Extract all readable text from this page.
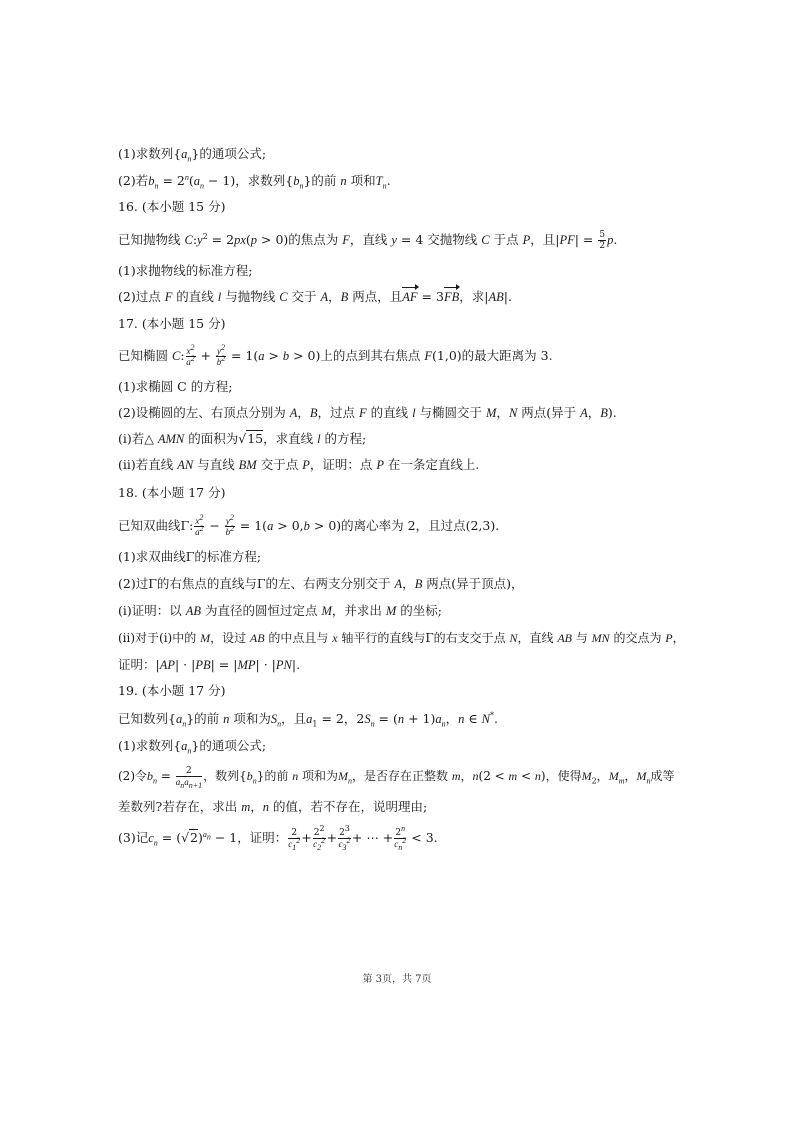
(1)求数列$\{a_n\}$的通项公式;
(2)若$b_n = 2^n(a_n - 1)$，求数列$\{b_n\}$的前 n 项和$T_n$.
16. (本小题 15 分)
已知抛物线 $C:y^2 = 2px(p > 0)$的焦点为 F，直线 y = 4 交抛物线 C 于点 P，且$|PF| = \frac{5}{2} p$.
(1)求抛物线的标准方程;
(2)过点 F 的直线 l 与抛物线 C 交于 A，B 两点，且AF = 3FB，求|AB|.
17. (本小题 15 分)
已知椭圆 C: $\frac{x^2}{a^2} + \frac{y^2}{b^2} = 1(a > b > 0)$上的点到其右焦点 F(1,0)的最大距离为 3.
(1)求椭圆 C 的方程;
(2)设椭圆的左、右顶点分别为 A，B，过点 F 的直线 l 与椭圆交于 M，N 两点(异于 A，B).
(ⅰ)若△ AMN 的面积为√15，求直线 l 的方程;
(ⅱ)若直线 AN 与直线 BM 交于点 P，证明：点 P 在一条定直线上.
18. (本小题 17 分)
已知双曲线Γ: $\frac{x^2}{a^2} - \frac{y^2}{b^2} = 1(a > 0,b > 0)$的离心率为 2，且过点(2,3).
(1)求双曲线Γ的标准方程;
(2)过Γ的右焦点的直线与Γ的左、右两支分别交于 A，B 两点(异于顶点)，
(ⅰ)证明：以 AB 为直径的圆恒过定点 M，并求出 M 的坐标;
(ⅱ)对于(ⅰ)中的 M，设过 AB 的中点且与 x 轴平行的直线与Γ的右支交于点 N，直线 AB 与 MN 的交点为 P，
证明：|AP| · |PB| = |MP| · |PN|.
19. (本小题 17 分)
已知数列$\{a_n\}$的前 n 项和为$S_n$，且$a_1 = 2$，$2S_n = (n + 1)a_n$，n ∈ N*.
(1)求数列$\{a_n\}$的通项公式;
(2)令$b_n = \frac{2}{a_na_{n+1}}$ ，数列$\{b_n\}$的前 n 项和为$M_n$，是否存在正整数 m，n(2 < m < n)，使得$M_2$，$M_m$，$M_n$成等
差数列?若存在，求出 m，n 的值，若不存在，说明理由;
(3)记$c_n = (√2)^{a_n} - 1$，证明： $\frac{2}{c_1^2} + \frac{2^2}{c_2^2} + \frac{2^3}{c_3^2}$ + ⋯ + $\frac{2^n}{c_n^2} < 3$.
第 3页，共 7页
